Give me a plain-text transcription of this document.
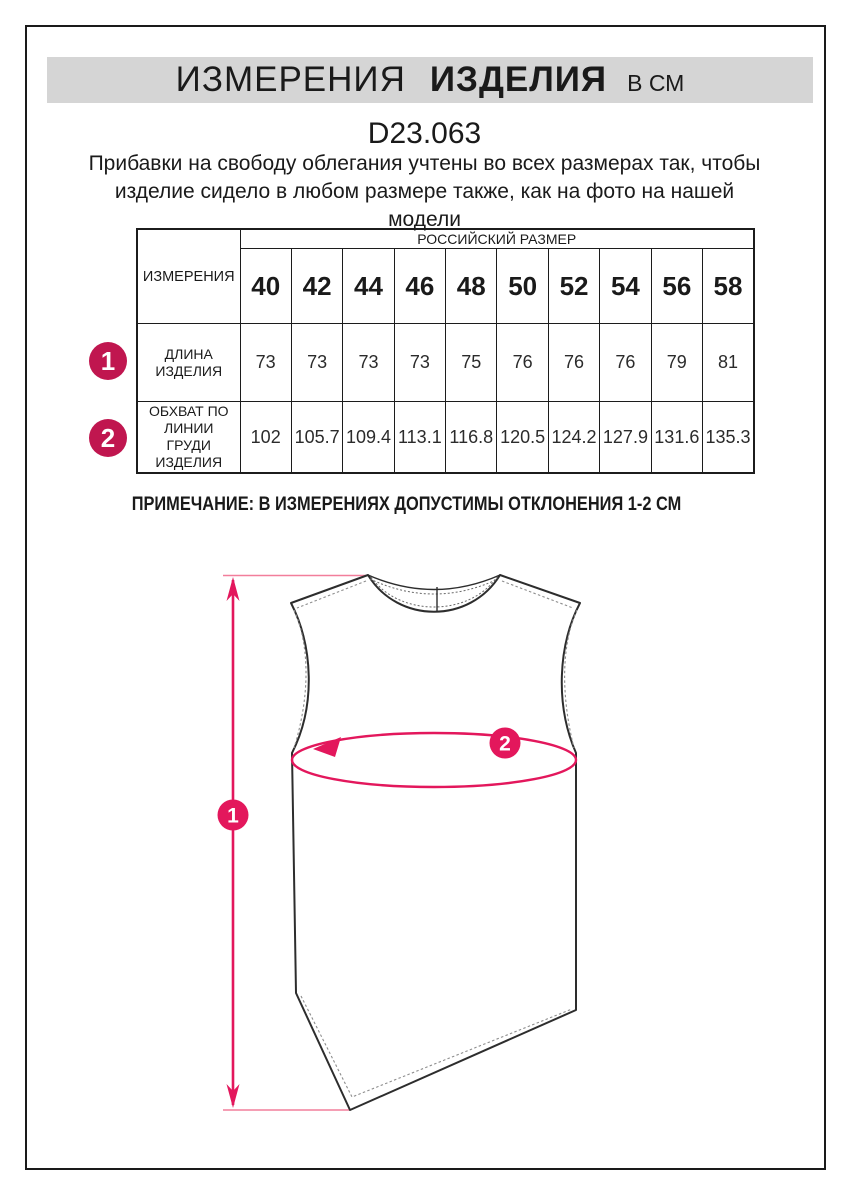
ИЗМЕРЕНИЯ ИЗДЕЛИЯ В СМ
D23.063
Прибавки на свободу облегания учтены во всех размерах так, чтобы
изделие сидело в любом размере также, как на фото на нашей
модели
ИЗМЕРЕНИЯ	РОССИЙСКИЙ РАЗМЕР									
	40	42	44	46	48	50	52	54	56	58
ДЛИНА
ИЗДЕЛИЯ	73	73	73	73	75	76	76	76	79	81
ОБХВАТ ПО
ЛИНИИ
ГРУДИ
ИЗДЕЛИЯ	102	105.7	109.4	113.1	116.8	120.5	124.2	127.9	131.6	135.3
1
2
ПРИМЕЧАНИЕ: В ИЗМЕРЕНИЯХ ДОПУСТИМЫ ОТКЛОНЕНИЯ 1-2 СМ
1
2
